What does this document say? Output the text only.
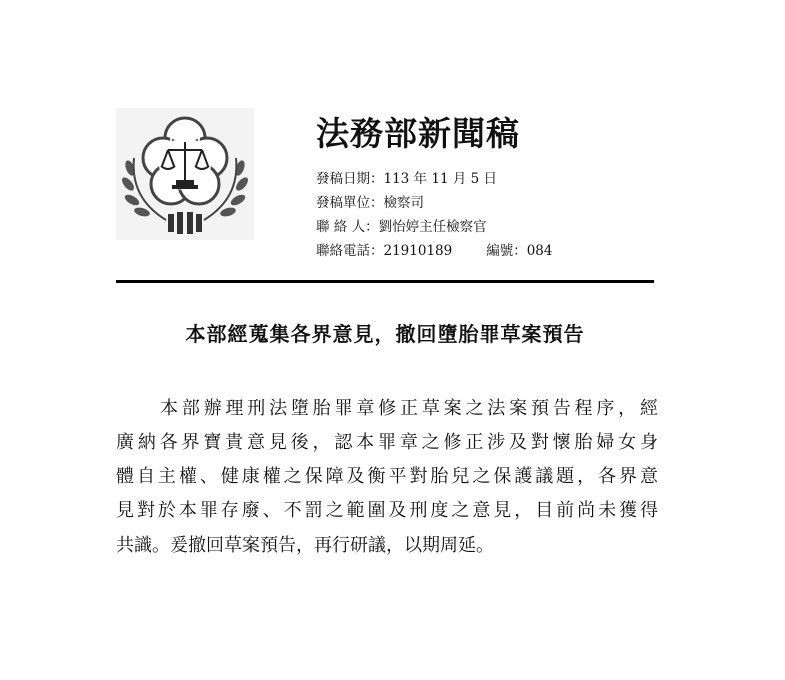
法務部新聞稿
發稿日期：113 年 11 月 5 日
發稿單位：檢察司
聯 絡 人：劉怡婷主任檢察官
聯絡電話：21910189	編號：084
本部經蒐集各界意見，撤回墮胎罪草案預告
本部辦理刑法墮胎罪章修正草案之法案預告程序，經
廣納各界寶貴意見後，認本罪章之修正涉及對懷胎婦女身
體自主權、健康權之保障及衡平對胎兒之保護議題，各界意
見對於本罪存廢、不罰之範圍及刑度之意見，目前尚未獲得
共識。爰撤回草案預告，再行研議，以期周延。
